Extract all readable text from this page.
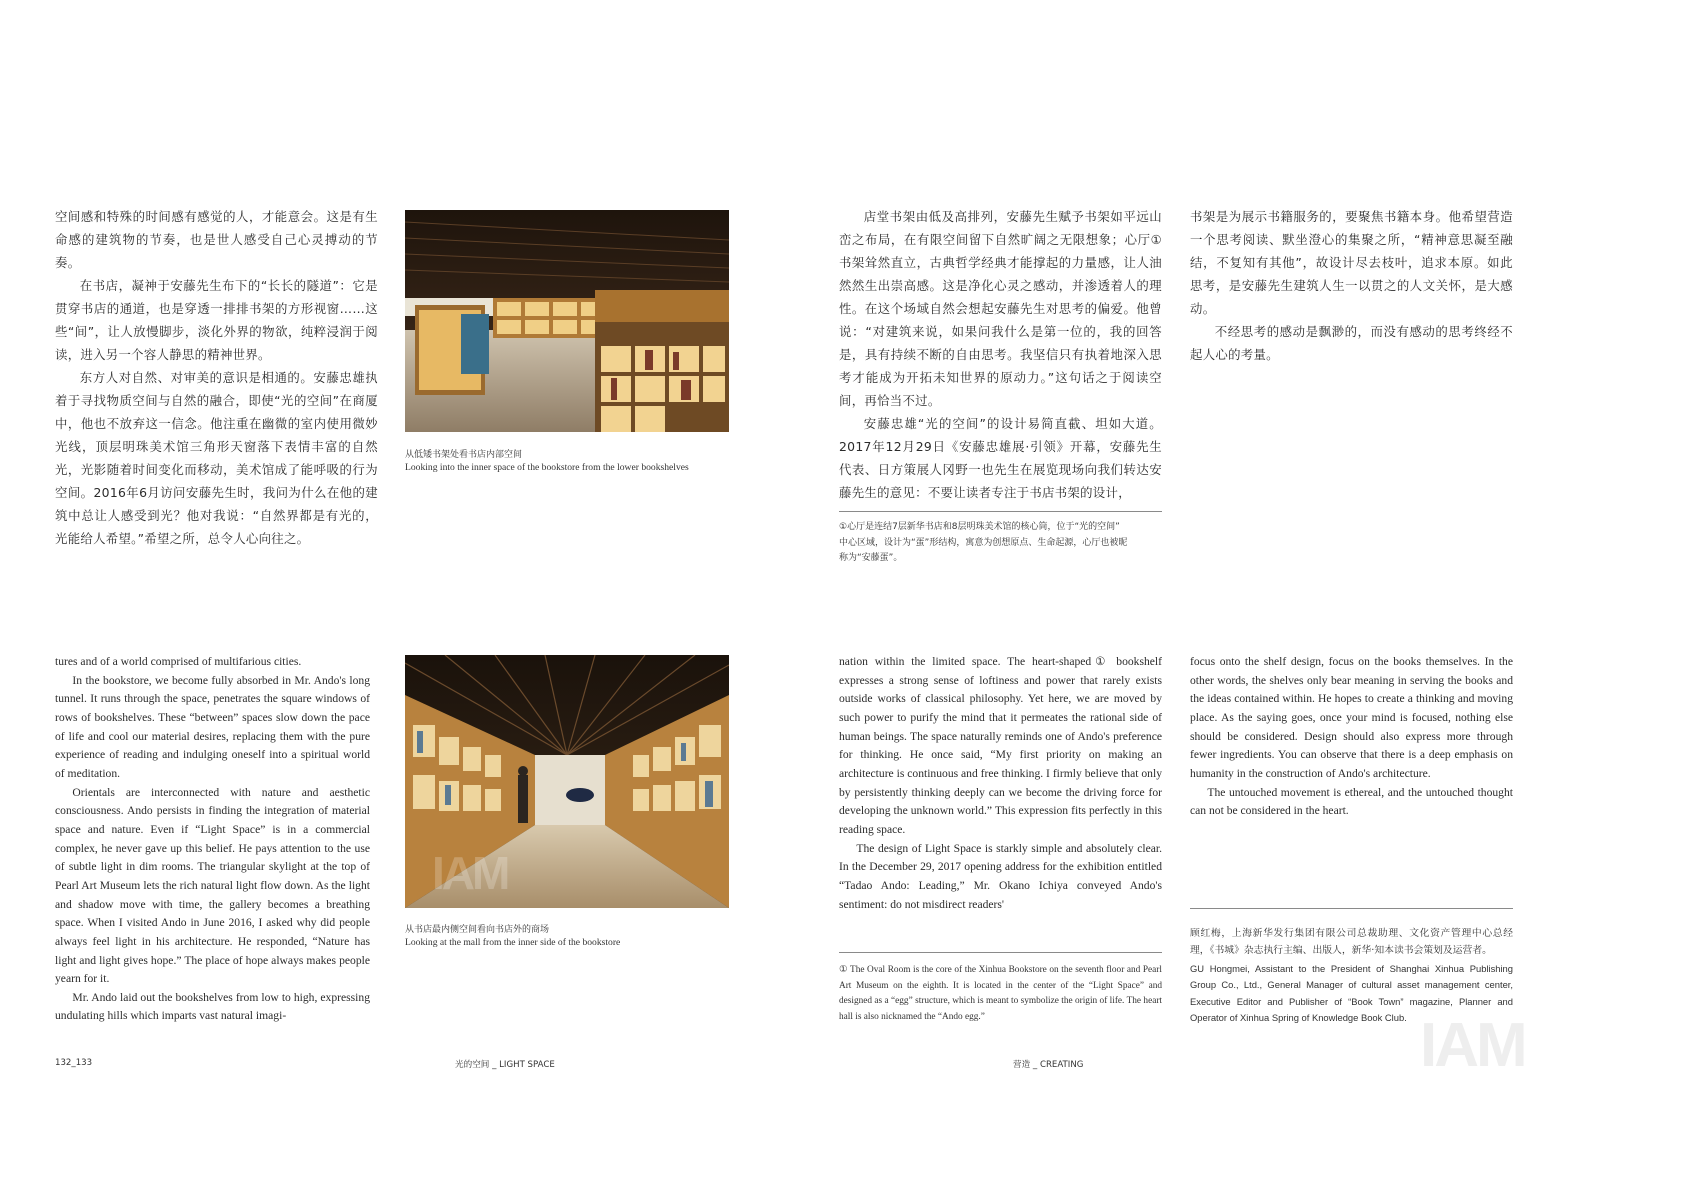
空间感和特殊的时间感有感觉的人，才能意会。这是有生命感的建筑物的节奏，也是世人感受自己心灵搏动的节奏。

在书店，凝神于安藤先生布下的“长长的隧道”：它是贯穿书店的通道，也是穿透一排排书架的方形视窗……这些“间”，让人放慢脚步，淡化外界的物欲，纯粹浸润于阅读，进入另一个容人静思的精神世界。

东方人对自然、对审美的意识是相通的。安藤忠雄执着于寻找物质空间与自然的融合，即使“光的空间”在商厦中，他也不放弃这一信念。他注重在幽微的室内使用微妙光线，顶层明珠美术馆三角形天窗落下表情丰富的自然光，光影随着时间变化而移动，美术馆成了能呼吸的行为空间。2016年6月访问安藤先生时，我问为什么在他的建筑中总让人感受到光？他对我说：“自然界都是有光的，光能给人希望。”希望之所，总令人心向往之。

从低矮书架处看书店内部空间
Looking into the inner space of the bookstore from the lower bookshelves

店堂书架由低及高排列，安藤先生赋予书架如平远山峦之布局，在有限空间留下自然旷阔之无限想象；心厅① 书架耸然直立，古典哲学经典才能撑起的力量感，让人油然然生出崇高感。这是净化心灵之感动，并渗透着人的理性。在这个场域自然会想起安藤先生对思考的偏爱。他曾说：“对建筑来说，如果问我什么是第一位的，我的回答是，具有持续不断的自由思考。我坚信只有执着地深入思考才能成为开拓未知世界的原动力。”这句话之于阅读空间，再恰当不过。

安藤忠雄“光的空间”的设计易简直截、坦如大道。2017年12月29日《安藤忠雄展·引领》开幕，安藤先生代表、日方策展人冈野一也先生在展览现场向我们转达安藤先生的意见：不要让读者专注于书店书架的设计，

①心厅是连结7层新华书店和8层明珠美术馆的核心筒，位于“光的空间”

中心区域，设计为“蛋”形结构，寓意为创想原点、生命起源，心厅也被昵

称为“安藤蛋”。

书架是为展示书籍服务的，要聚焦书籍本身。他希望营造一个思考阅读、默坐澄心的集聚之所，“精神意思凝至融结，不复知有其他”，故设计尽去枝叶，追求本原。如此思考，是安藤先生建筑人生一以贯之的人文关怀，是大感动。

不经思考的感动是飘渺的，而没有感动的思考终经不起人心的考量。

tures and of a world comprised of multifarious cities.

In the bookstore, we become fully absorbed in Mr. Ando's long tunnel. It runs through the space, penetrates the square windows of rows of bookshelves. These “between” spaces slow down the pace of life and cool our material desires, replacing them with the pure experience of reading and indulging oneself into a spiritual world of meditation.

Orientals are interconnected with nature and aesthetic consciousness. Ando persists in finding the integration of material space and nature. Even if “Light Space” is in a commercial complex, he never gave up this belief. He pays attention to the use of subtle light in dim rooms. The triangular skylight at the top of Pearl Art Museum lets the rich natural light flow down. As the light and shadow move with time, the gallery becomes a breathing space. When I visited Ando in June 2016, I asked why did people always feel light in his architecture. He responded, “Nature has light and light gives hope.” The place of hope always makes people yearn for it.

Mr. Ando laid out the bookshelves from low to high, expressing undulating hills which imparts vast natural imagi-

从书店最内侧空间看向书店外的商场
Looking at the mall from the inner side of the bookstore

nation within the limited space. The heart-shaped① bookshelf expresses a strong sense of loftiness and power that rarely exists outside works of classical philosophy. Yet here, we are moved by such power to purify the mind that it permeates the rational side of human beings. The space naturally reminds one of Ando's preference for thinking. He once said, “My first priority on making an architecture is continuous and free thinking. I firmly believe that only by persistently thinking deeply can we become the driving force for developing the unknown world.” This expression fits perfectly in this reading space.

The design of Light Space is starkly simple and absolutely clear. In the December 29, 2017 opening address for the exhibition entitled “Tadao Ando: Leading,” Mr. Okano Ichiya conveyed Ando's sentiment: do not misdirect readers'

① The Oval Room is the core of the Xinhua Bookstore on the seventh floor and Pearl Art Museum on the eighth. It is located in the center of the “Light Space” and designed as a “egg” structure, which is meant to symbolize the origin of life. The heart hall is also nicknamed the “Ando egg.”

focus onto the shelf design, focus on the books themselves. In the other words, the shelves only bear meaning in serving the books and the ideas contained within. He hopes to create a thinking and moving place. As the saying goes, once your mind is focused, nothing else should be considered. Design should also express more through fewer ingredients. You can observe that there is a deep emphasis on humanity in the construction of Ando's architecture.

The untouched movement is ethereal, and the untouched thought can not be considered in the heart.

顾红梅，上海新华发行集团有限公司总裁助理、文化资产管理中心总经理，《书城》杂志执行主编、出版人，新华·知本读书会策划及运营者。

GU Hongmei, Assistant to the President of Shanghai Xinhua Publishing Group Co., Ltd., General Manager of cultural asset management center, Executive Editor and Publisher of “Book Town” magazine, Planner and Operator of Xinhua Spring of Knowledge Book Club.

132_133	光的空间 _ LIGHT SPACE	营造 _ CREATING
IAM
IAM
